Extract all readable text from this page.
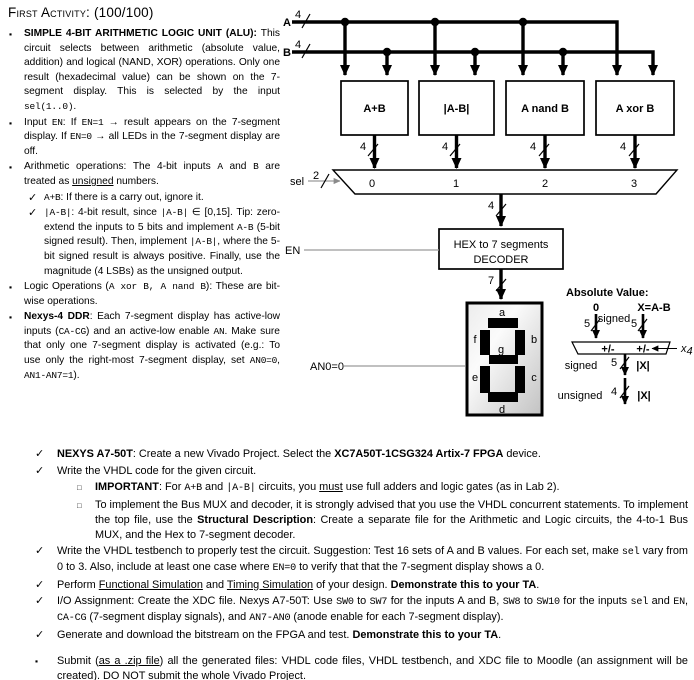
First Activity: (100/100)
▪ SIMPLE 4-BIT ARITHMETIC LOGIC UNIT (ALU): This circuit selects between arithmetic (absolute value, addition) and logical (NAND, XOR) operations. Only one result (hexadecimal value) can be shown on the 7-segment display. This is selected by the input sel(1..0).
▪ Input EN: If EN=1 → result appears on the 7-segment display. If EN=0 → all LEDs in the 7-segment display are off.
▪ Arithmetic operations: The 4-bit inputs A and B are treated as unsigned numbers.
✓ A+B: If there is a carry out, ignore it.
✓ |A-B|: 4-bit result, since |A-B| ∈ [0,15]. Tip: zero-extend the inputs to 5 bits and implement A-B (5-bit signed result). Then, implement |A-B|, where the 5-bit signed result is always positive. Finally, use the magnitude (4 LSBs) as the unsigned output.
▪ Logic Operations (A xor B, A nand B): These are bit-wise operations.
▪ Nexys-4 DDR: Each 7-segment display has active-low inputs (CA-CG) and an active-low enable AN. Make sure that only one 7-segment display is activated (e.g.: To use only the right-most 7-segment display, set AN0=0, AN1-AN7=1).
A
4
B
4
A+B	|A-B|	A nand B	A xor B
4	4	4	4
0	1	2	3
sel 2
4
HEX to 7 segments
DECODER
EN
7
a
f	b
g
e	c
d
AN0=0
Absolute Value:
0	X=A-B
signed
5	5
+/- +/-	x 4
5
signed	|X|
4
unsigned	|X|
✓ NEXYS A7-50T: Create a new Vivado Project. Select the XC7A50T-1CSG324 Artix-7 FPGA device.
✓ Write the VHDL code for the given circuit.
□ IMPORTANT: For A+B and |A-B| circuits, you must use full adders and logic gates (as in Lab 2).
□ To implement the Bus MUX and decoder, it is strongly advised that you use the VHDL concurrent statements. To implement the top file, use the Structural Description: Create a separate file for the Arithmetic and Logic circuits, the 4-to-1 Bus MUX, and the Hex to 7-segment decoder.
✓ Write the VHDL testbench to properly test the circuit. Suggestion: Test 16 sets of A and B values. For each set, make sel vary from 0 to 3. Also, include at least one case where EN=0 to verify that that the 7-segment display shows a 0.
✓ Perform Functional Simulation and Timing Simulation of your design. Demonstrate this to your TA.
✓ I/O Assignment: Create the XDC file. Nexys A7-50T: Use SW0 to SW7 for the inputs A and B, SW8 to SW10 for the inputs sel and EN, CA-CG (7-segment display signals), and AN7-AN0 (anode enable for each 7-segment display).
✓ Generate and download the bitstream on the FPGA and test. Demonstrate this to your TA.
▪ Submit (as a .zip file) all the generated files: VHDL code files, VHDL testbench, and XDC file to Moodle (an assignment will be created). DO NOT submit the whole Vivado Project.
